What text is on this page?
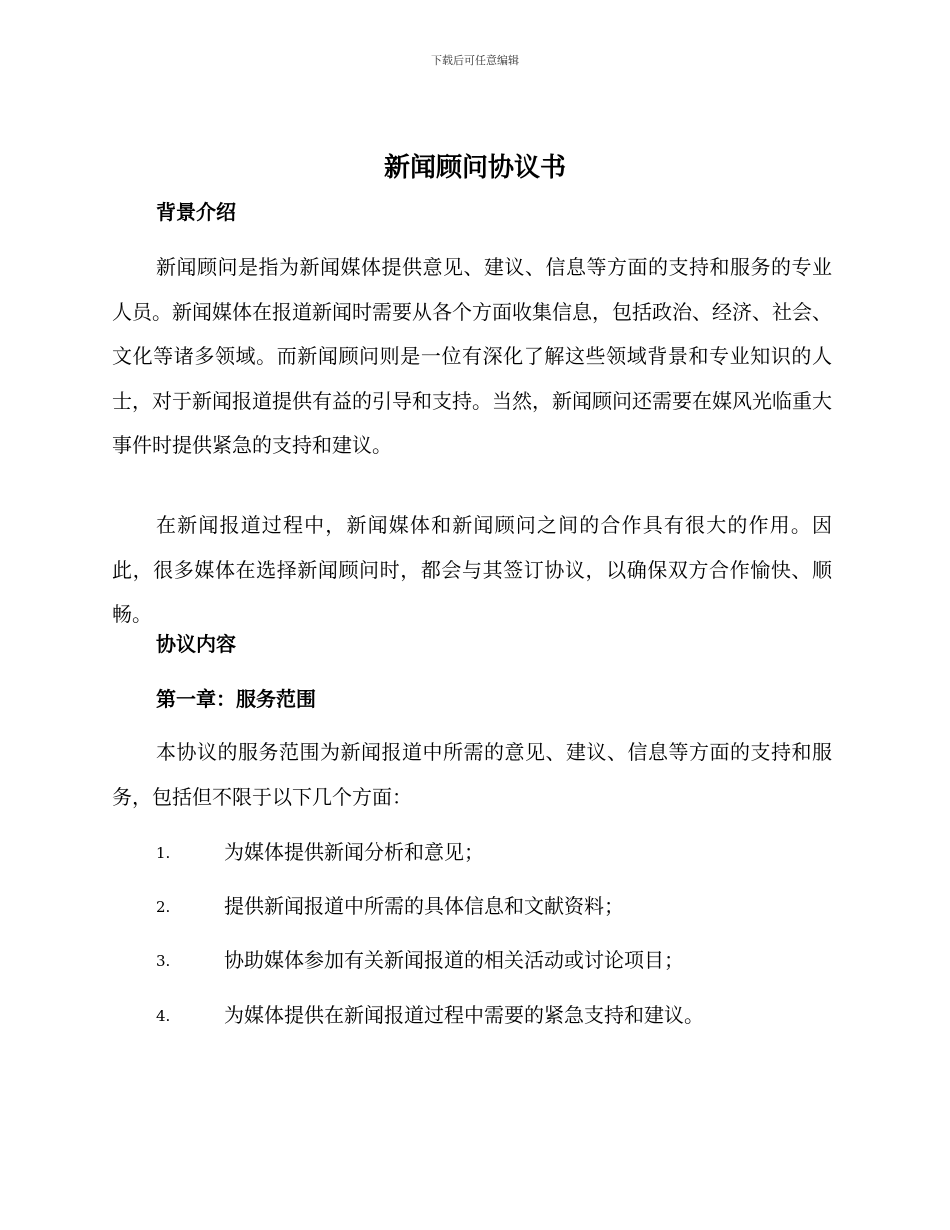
下载后可任意编辑
新闻顾问协议书
背景介绍

新闻顾问是指为新闻媒体提供意见、建议、信息等方面的支持和服务的专业人员。新闻媒体在报道新闻时需要从各个方面收集信息，包括政治、经济、社会、文化等诸多领域。而新闻顾问则是一位有深化了解这些领域背景和专业知识的人士，对于新闻报道提供有益的引导和支持。当然，新闻顾问还需要在媒风光临重大事件时提供紧急的支持和建议。

在新闻报道过程中，新闻媒体和新闻顾问之间的合作具有很大的作用。因此，很多媒体在选择新闻顾问时，都会与其签订协议，以确保双方合作愉快、顺畅。

协议内容
第一章：服务范围

本协议的服务范围为新闻报道中所需的意见、建议、信息等方面的支持和服务，包括但不限于以下几个方面：

1.	为媒体提供新闻分析和意见；
2.	提供新闻报道中所需的具体信息和文献资料；
3.	协助媒体参加有关新闻报道的相关活动或讨论项目；
4.	为媒体提供在新闻报道过程中需要的紧急支持和建议。
